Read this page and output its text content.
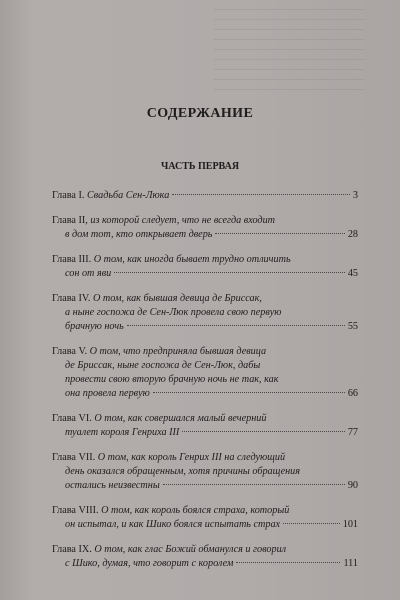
СОДЕРЖАНИЕ
ЧАСТЬ ПЕРВАЯ
Глава I. Свадьба Сен-Люка	3
Глава II, из которой следует, что не всегда входит
в дом тот, кто открывает дверь	28
Глава III. О том, как иногда бывает трудно отличить
сон от яви	45
Глава IV. О том, как бывшая девица де Бриссак,
а ныне госпожа де Сен-Люк провела свою первую
брачную ночь	55
Глава V. О том, что предприняла бывшая девица
де Бриссак, ныне госпожа де Сен-Люк, дабы
провести свою вторую брачную ночь не так, как
она провела первую	66
Глава VI. О том, как совершался малый вечерний
туалет короля Генриха III	77
Глава VII. О том, как король Генрих III на следующий
день оказался обращенным, хотя причины обращения
остались неизвестны	90
Глава VIII. О том, как король боялся страха, который
он испытал, и как Шико боялся испытать страх	101
Глава IX. О том, как глас Божий обманулся и говорил
с Шико, думая, что говорит с королем	111
